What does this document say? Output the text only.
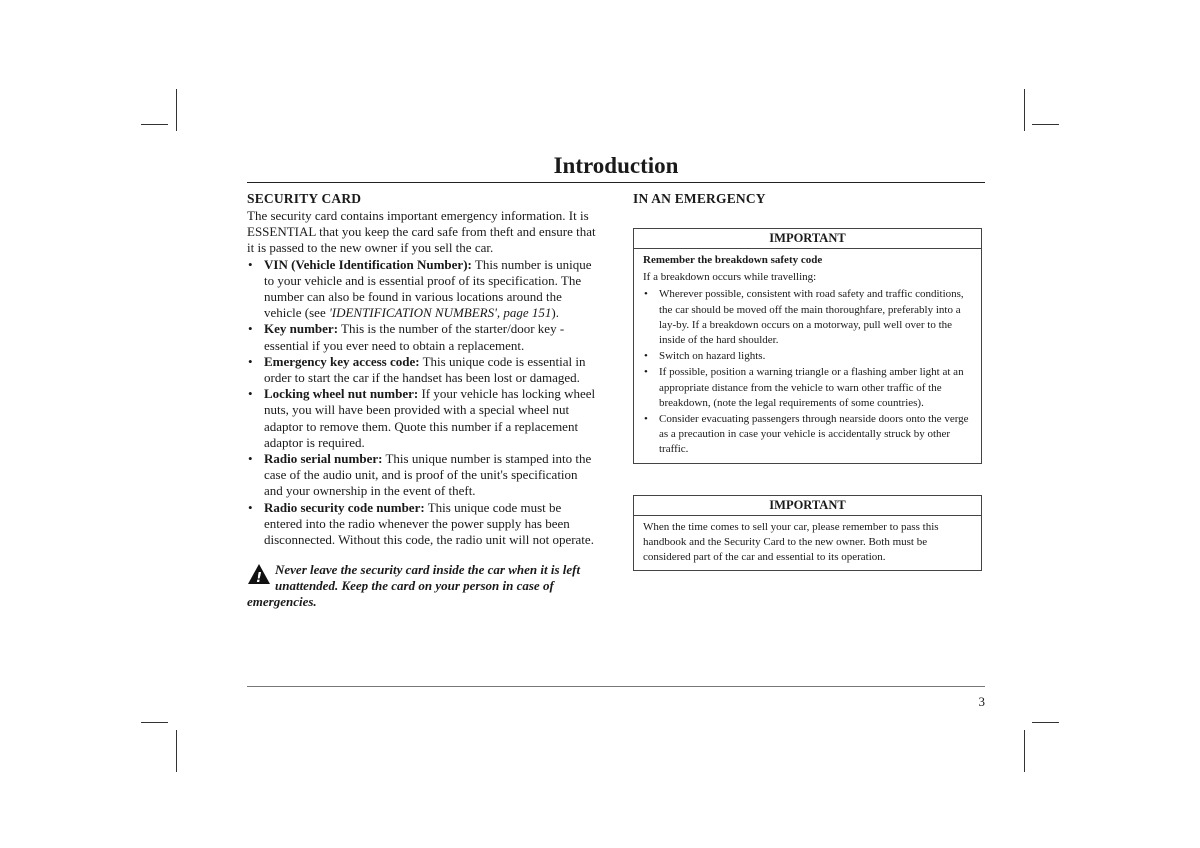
Introduction
SECURITY CARD

The security card contains important emergency information. It is ESSENTIAL that you keep the card safe from theft and ensure that it is passed to the new owner if you sell the car.

• VIN (Vehicle Identification Number): This number is unique to your vehicle and is essential proof of its specification. The number can also be found in various locations around the vehicle (see 'IDENTIFICATION NUMBERS', page 151).
• Key number: This is the number of the starter/door key - essential if you ever need to obtain a replacement.
• Emergency key access code: This unique code is essential in order to start the car if the handset has been lost or damaged.
• Locking wheel nut number: If your vehicle has locking wheel nuts, you will have been provided with a special wheel nut adaptor to remove them. Quote this number if a replacement adaptor is required.
• Radio serial number: This unique number is stamped into the case of the audio unit, and is proof of the unit's specification and your ownership in the event of theft.
• Radio security code number: This unique code must be entered into the radio whenever the power supply has been disconnected. Without this code, the radio unit will not operate.
!
Never leave the security card inside the car when it is left unattended. Keep the card on your person in case of emergencies.
IN AN EMERGENCY
IMPORTANT
Remember the breakdown safety code
If a breakdown occurs while travelling:
• Wherever possible, consistent with road safety and traffic conditions, the car should be moved off the main thoroughfare, preferably into a lay-by. If a breakdown occurs on a motorway, pull well over to the inside of the hard shoulder.
• Switch on hazard lights.
• If possible, position a warning triangle or a flashing amber light at an appropriate distance from the vehicle to warn other traffic of the breakdown, (note the legal requirements of some countries).
• Consider evacuating passengers through nearside doors onto the verge as a precaution in case your vehicle is accidentally struck by other traffic.
IMPORTANT
When the time comes to sell your car, please remember to pass this handbook and the Security Card to the new owner. Both must be considered part of the car and essential to its operation.
3
